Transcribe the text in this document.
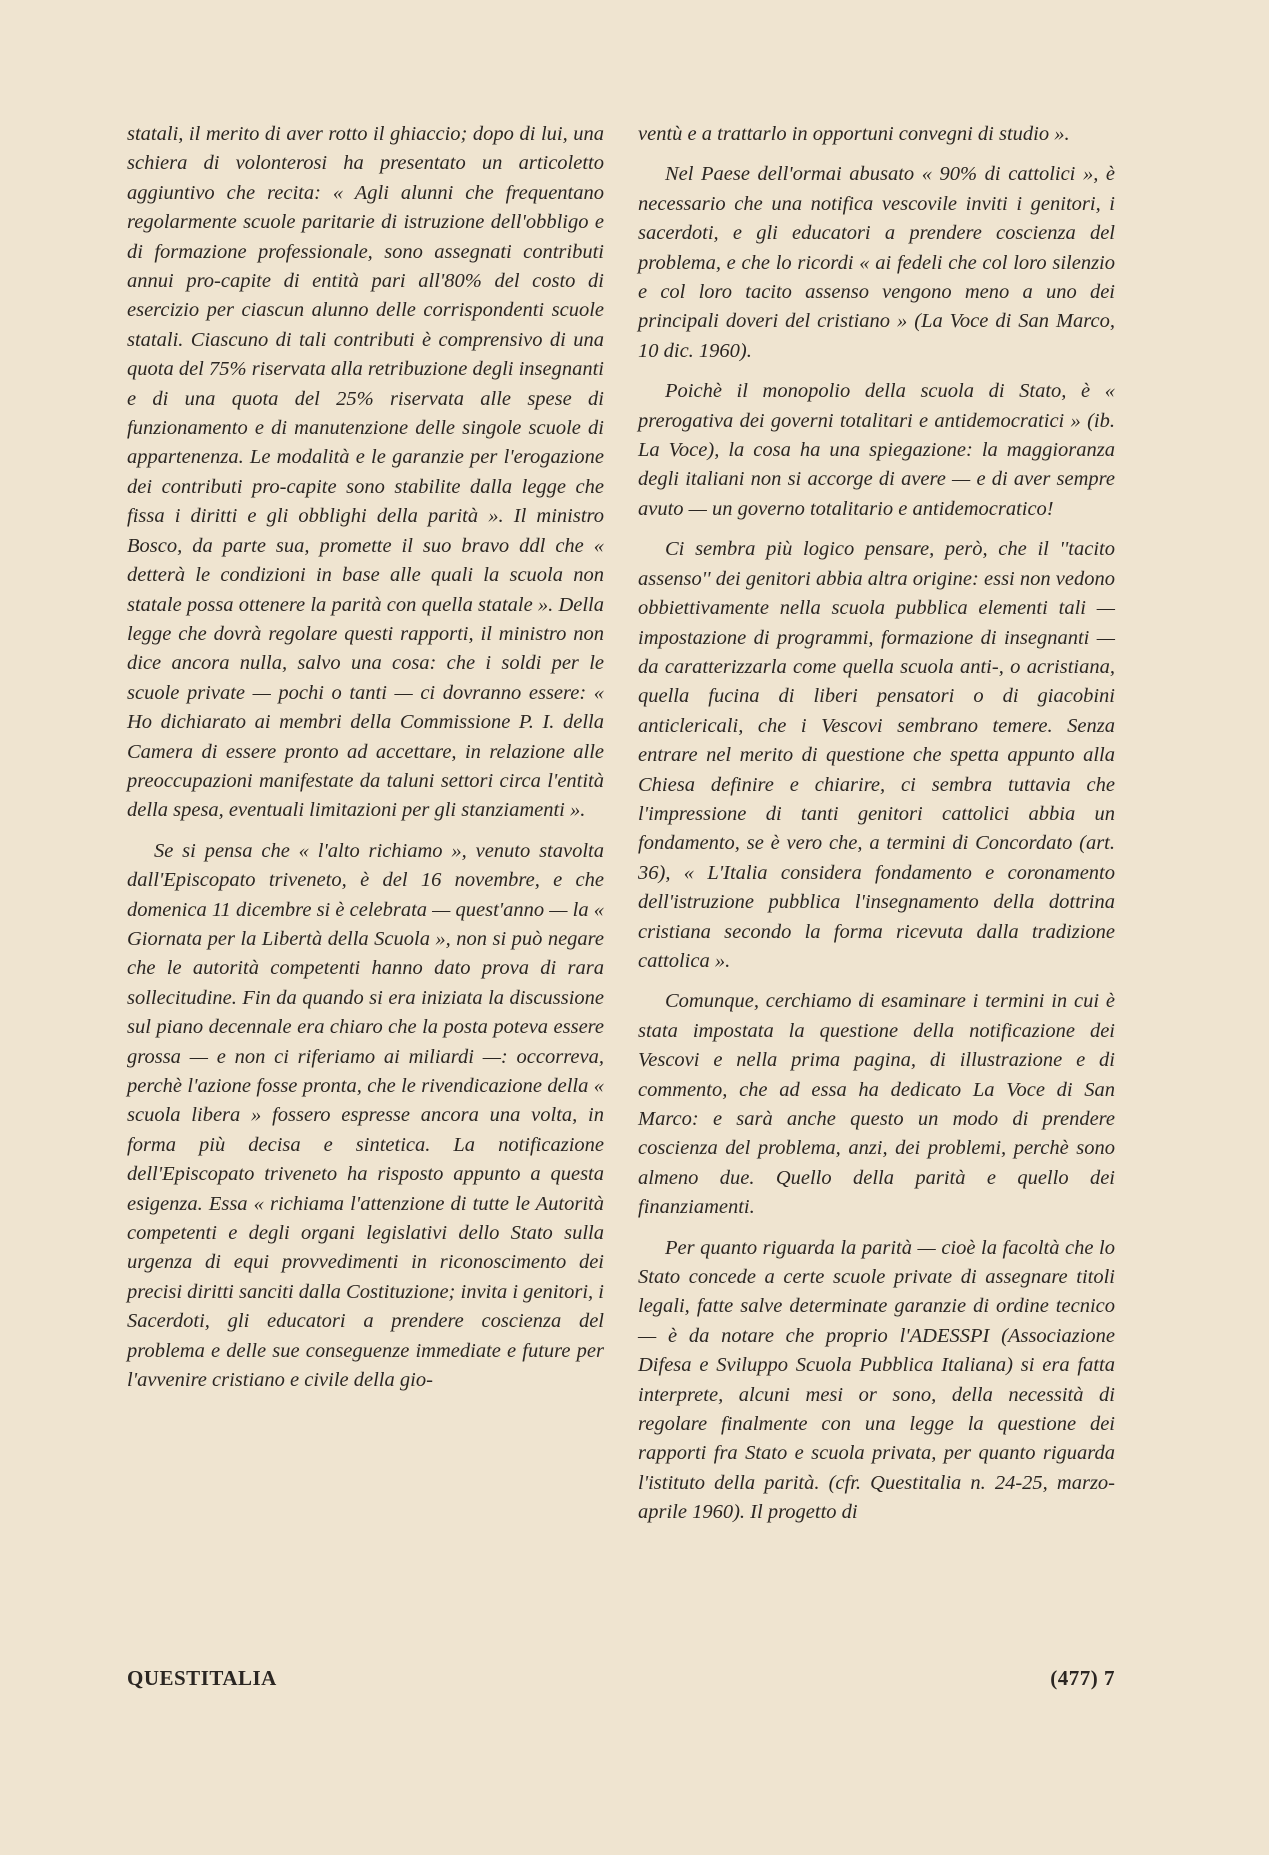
statali, il merito di aver rotto il ghiaccio; dopo di lui, una schiera di volonterosi ha presentato un articoletto aggiuntivo che recita: « Agli alunni che frequentano regolarmente scuole paritarie di istruzione dell'obbligo e di formazione professionale, sono assegnati contributi annui pro-capite di entità pari all'80% del costo di esercizio per ciascun alunno delle corrispondenti scuole statali. Ciascuno di tali contributi è comprensivo di una quota del 75% riservata alla retribuzione degli insegnanti e di una quota del 25% riservata alle spese di funzionamento e di manutenzione delle singole scuole di appartenenza. Le modalità e le garanzie per l'erogazione dei contributi pro-capite sono stabilite dalla legge che fissa i diritti e gli obblighi della parità ». Il ministro Bosco, da parte sua, promette il suo bravo ddl che « detterà le condizioni in base alle quali la scuola non statale possa ottenere la parità con quella statale ». Della legge che dovrà regolare questi rapporti, il ministro non dice ancora nulla, salvo una cosa: che i soldi per le scuole private — pochi o tanti — ci dovranno essere: « Ho dichiarato ai membri della Commissione P. I. della Camera di essere pronto ad accettare, in relazione alle preoccupazioni manifestate da taluni settori circa l'entità della spesa, eventuali limitazioni per gli stanziamenti ».

Se si pensa che « l'alto richiamo », venuto stavolta dall'Episcopato triveneto, è del 16 novembre, e che domenica 11 dicembre si è celebrata — quest'anno — la « Giornata per la Libertà della Scuola », non si può negare che le autorità competenti hanno dato prova di rara sollecitudine. Fin da quando si era iniziata la discussione sul piano decennale era chiaro che la posta poteva essere grossa — e non ci riferiamo ai miliardi —: occorreva, perchè l'azione fosse pronta, che le rivendicazione della « scuola libera » fossero espresse ancora una volta, in forma più decisa e sintetica. La notificazione dell'Episcopato triveneto ha risposto appunto a questa esigenza. Essa « richiama l'attenzione di tutte le Autorità competenti e degli organi legislativi dello Stato sulla urgenza di equi provvedimenti in riconoscimento dei precisi diritti sanciti dalla Costituzione; invita i genitori, i Sacerdoti, gli educatori a prendere coscienza del problema e delle sue conseguenze immediate e future per l'avvenire cristiano e civile della gio-

ventù e a trattarlo in opportuni convegni di studio ».

Nel Paese dell'ormai abusato « 90% di cattolici », è necessario che una notifica vescovile inviti i genitori, i sacerdoti, e gli educatori a prendere coscienza del problema, e che lo ricordi « ai fedeli che col loro silenzio e col loro tacito assenso vengono meno a uno dei principali doveri del cristiano » (La Voce di San Marco, 10 dic. 1960).

Poichè il monopolio della scuola di Stato, è « prerogativa dei governi totalitari e antidemocratici » (ib. La Voce), la cosa ha una spiegazione: la maggioranza degli italiani non si accorge di avere — e di aver sempre avuto — un governo totalitario e antidemocratico!

Ci sembra più logico pensare, però, che il ''tacito assenso'' dei genitori abbia altra origine: essi non vedono obbiettivamente nella scuola pubblica elementi tali — impostazione di programmi, formazione di insegnanti — da caratterizzarla come quella scuola anti-, o acristiana, quella fucina di liberi pensatori o di giacobini anticlericali, che i Vescovi sembrano temere. Senza entrare nel merito di questione che spetta appunto alla Chiesa definire e chiarire, ci sembra tuttavia che l'impressione di tanti genitori cattolici abbia un fondamento, se è vero che, a termini di Concordato (art. 36), « L'Italia considera fondamento e coronamento dell'istruzione pubblica l'insegnamento della dottrina cristiana secondo la forma ricevuta dalla tradizione cattolica ».

Comunque, cerchiamo di esaminare i termini in cui è stata impostata la questione della notificazione dei Vescovi e nella prima pagina, di illustrazione e di commento, che ad essa ha dedicato La Voce di San Marco: e sarà anche questo un modo di prendere coscienza del problema, anzi, dei problemi, perchè sono almeno due. Quello della parità e quello dei finanziamenti.

Per quanto riguarda la parità — cioè la facoltà che lo Stato concede a certe scuole private di assegnare titoli legali, fatte salve determinate garanzie di ordine tecnico — è da notare che proprio l'ADESSPI (Associazione Difesa e Sviluppo Scuola Pubblica Italiana) si era fatta interprete, alcuni mesi or sono, della necessità di regolare finalmente con una legge la questione dei rapporti fra Stato e scuola privata, per quanto riguarda l'istituto della parità. (cfr. Questitalia n. 24-25, marzo-aprile 1960). Il progetto di

QUESTITALIA	(477) 7
